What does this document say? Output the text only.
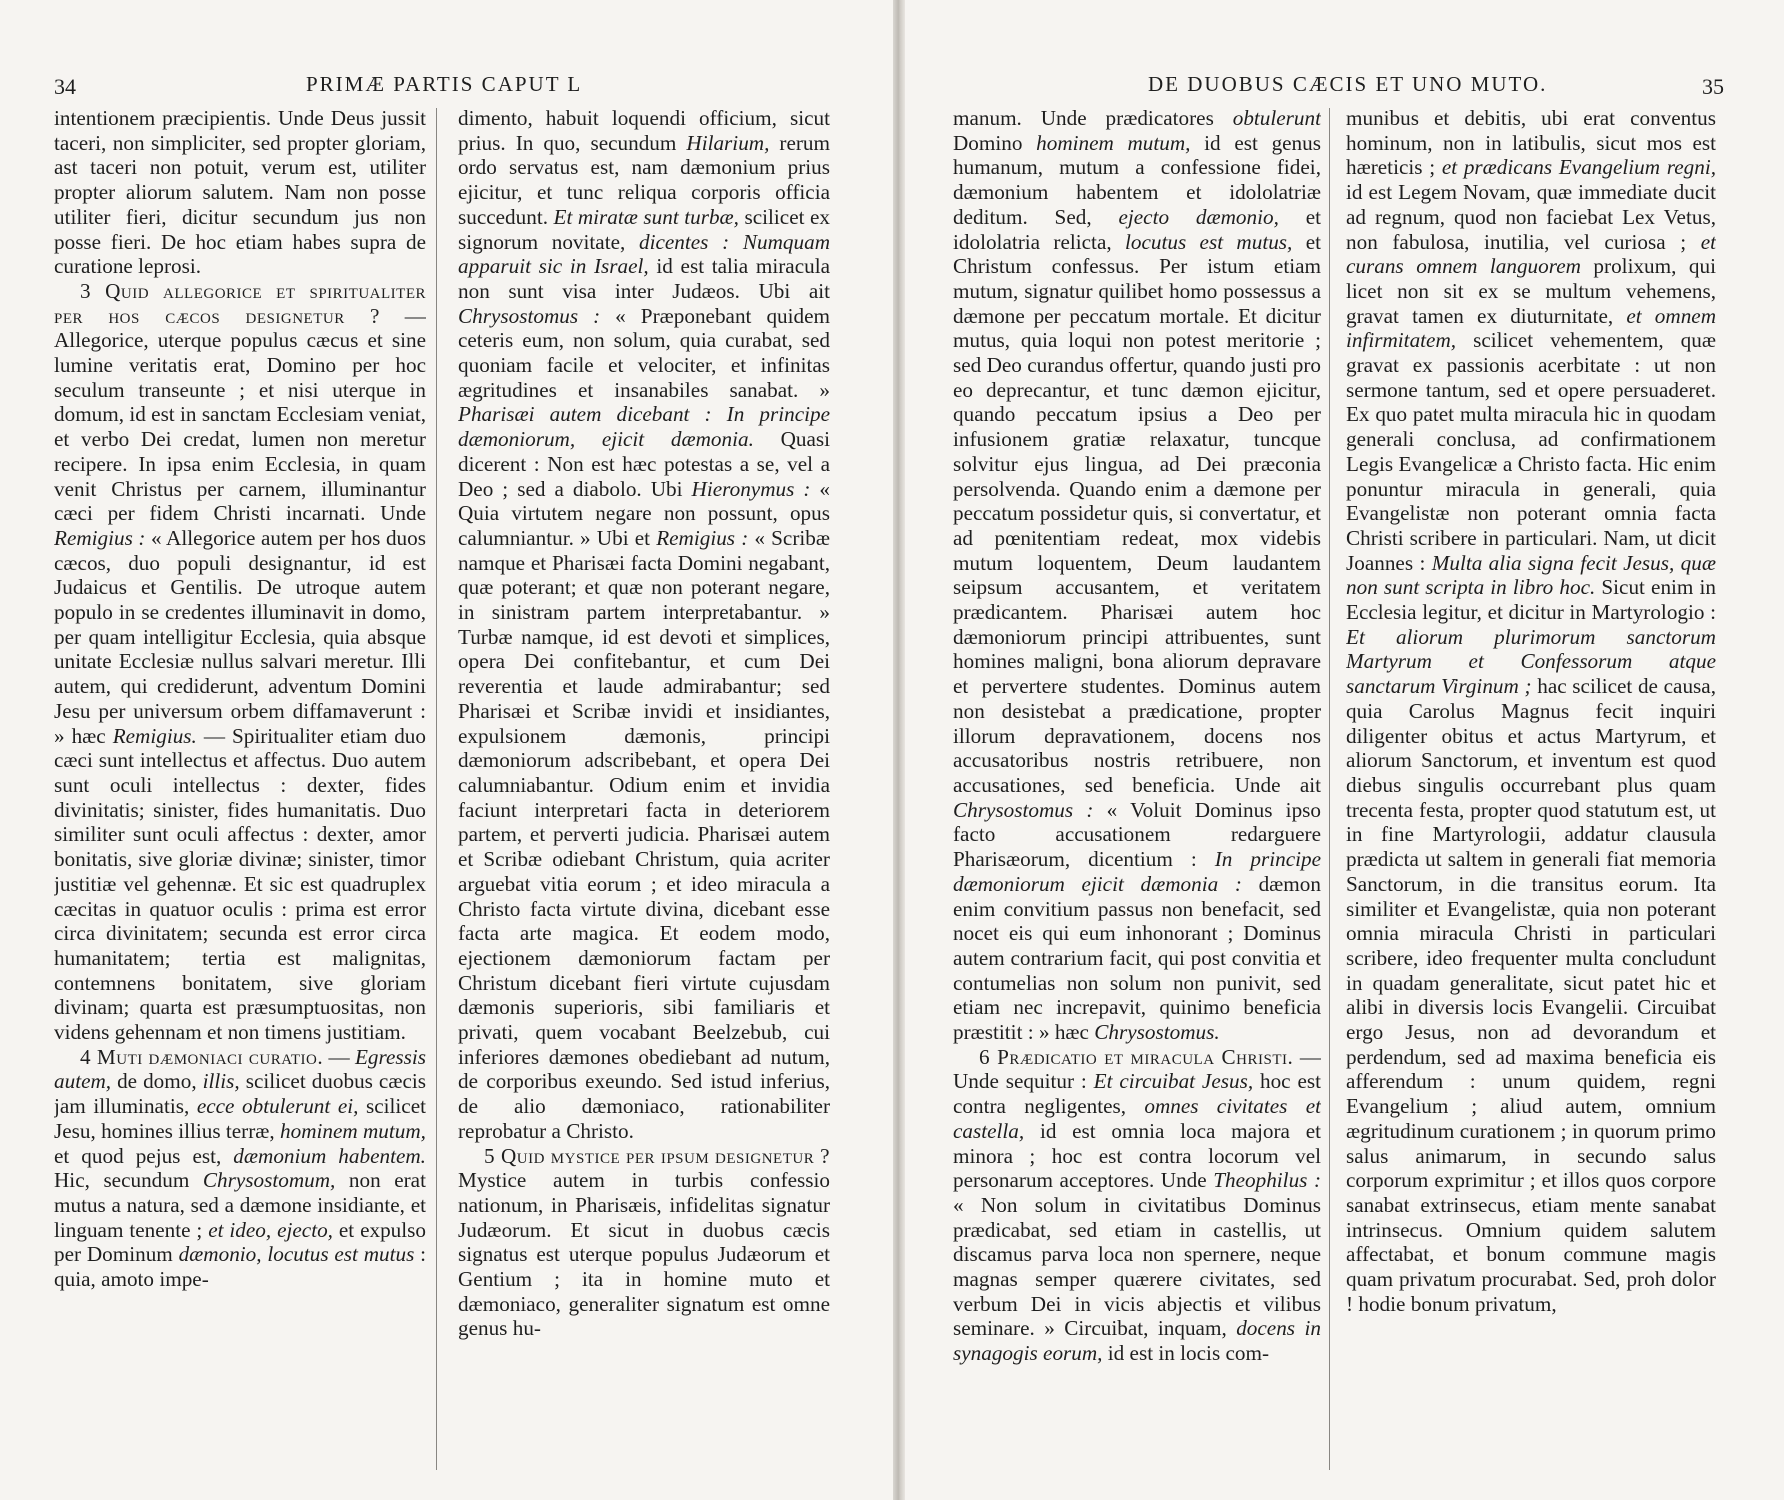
34	PRIMÆ PARTIS CAPUT L

intentionem præcipientis. Unde Deus jussit taceri, non simpliciter, sed propter gloriam, ast taceri non potuit, verum est, utiliter propter aliorum salutem. Nam non posse utiliter fieri, dicitur secundum jus non posse fieri. De hoc etiam habes supra de curatione leprosi.

3 Quid allegorice et spiritualiter per hos cæcos designetur ? — Allegorice, uterque populus cæcus et sine lumine veritatis erat, Domino per hoc seculum transeunte ; et nisi uterque in domum, id est in sanctam Ecclesiam veniat, et verbo Dei credat, lumen non meretur recipere. In ipsa enim Ecclesia, in quam venit Christus per carnem, illuminantur cæci per fidem Christi incarnati. Unde Remigius : « Allegorice autem per hos duos cæcos, duo populi designantur, id est Judaicus et Gentilis. De utroque autem populo in se credentes illuminavit in domo, per quam intelligitur Ecclesia, quia absque unitate Ecclesiæ nullus salvari meretur. Illi autem, qui crediderunt, adventum Domini Jesu per universum orbem diffamaverunt : » hæc Remigius. — Spiritualiter etiam duo cæci sunt intellectus et affectus. Duo autem sunt oculi intellectus : dexter, fides divinitatis; sinister, fides humanitatis. Duo similiter sunt oculi affectus : dexter, amor bonitatis, sive gloriæ divinæ; sinister, timor justitiæ vel gehennæ. Et sic est quadruplex cæcitas in quatuor oculis : prima est error circa divinitatem; secunda est error circa humanitatem; tertia est malignitas, contemnens bonitatem, sive gloriam divinam; quarta est præsumptuositas, non videns gehennam et non timens justitiam.

4 Muti dæmoniaci curatio. — Egressis autem, de domo, illis, scilicet duobus cæcis jam illuminatis, ecce obtulerunt ei, scilicet Jesu, homines illius terræ, hominem mutum, et quod pejus est, dæmonium habentem. Hic, secundum Chrysostomum, non erat mutus a natura, sed a dæmone insidiante, et linguam tenente ; et ideo, ejecto, et expulso per Dominum dæmonio, locutus est mutus : quia, amoto impe-

dimento, habuit loquendi officium, sicut prius. In quo, secundum Hilarium, rerum ordo servatus est, nam dæmonium prius ejicitur, et tunc reliqua corporis officia succedunt. Et miratæ sunt turbæ, scilicet ex signorum novitate, dicentes : Numquam apparuit sic in Israel, id est talia miracula non sunt visa inter Judæos. Ubi ait Chrysostomus : « Præponebant quidem ceteris eum, non solum, quia curabat, sed quoniam facile et velociter, et infinitas ægritudines et insanabiles sanabat. » Pharisæi autem dicebant : In principe dæmoniorum, ejicit dæmonia. Quasi dicerent : Non est hæc potestas a se, vel a Deo ; sed a diabolo. Ubi Hieronymus : « Quia virtutem negare non possunt, opus calumniantur. » Ubi et Remigius : « Scribæ namque et Pharisæi facta Domini negabant, quæ poterant; et quæ non poterant negare, in sinistram partem interpretabantur. » Turbæ namque, id est devoti et simplices, opera Dei confitebantur, et cum Dei reverentia et laude admirabantur; sed Pharisæi et Scribæ invidi et insidiantes, expulsionem dæmonis, principi dæmoniorum adscribebant, et opera Dei calumniabantur. Odium enim et invidia faciunt interpretari facta in deteriorem partem, et perverti judicia. Pharisæi autem et Scribæ odiebant Christum, quia acriter arguebat vitia eorum ; et ideo miracula a Christo facta virtute divina, dicebant esse facta arte magica. Et eodem modo, ejectionem dæmoniorum factam per Christum dicebant fieri virtute cujusdam dæmonis superioris, sibi familiaris et privati, quem vocabant Beelzebub, cui inferiores dæmones obediebant ad nutum, de corporibus exeundo. Sed istud inferius, de alio dæmoniaco, rationabiliter reprobatur a Christo.

5 Quid mystice per ipsum designetur ? Mystice autem in turbis confessio nationum, in Pharisæis, infidelitas signatur Judæorum. Et sicut in duobus cæcis signatus est uterque populus Judæorum et Gentium ; ita in homine muto et dæmoniaco, generaliter signatum est omne genus hu-

DE DUOBUS CÆCIS ET UNO MUTO.	35

manum. Unde prædicatores obtulerunt Domino hominem mutum, id est genus humanum, mutum a confessione fidei, dæmonium habentem et idololatriæ deditum. Sed, ejecto dæmonio, et idololatria relicta, locutus est mutus, et Christum confessus. Per istum etiam mutum, signatur quilibet homo possessus a dæmone per peccatum mortale. Et dicitur mutus, quia loqui non potest meritorie ; sed Deo curandus offertur, quando justi pro eo deprecantur, et tunc dæmon ejicitur, quando peccatum ipsius a Deo per infusionem gratiæ relaxatur, tuncque solvitur ejus lingua, ad Dei præconia persolvenda. Quando enim a dæmone per peccatum possidetur quis, si convertatur, et ad pœnitentiam redeat, mox videbis mutum loquentem, Deum laudantem seipsum accusantem, et veritatem prædicantem. Pharisæi autem hoc dæmoniorum principi attribuentes, sunt homines maligni, bona aliorum depravare et pervertere studentes. Dominus autem non desistebat a prædicatione, propter illorum depravationem, docens nos accusatoribus nostris retribuere, non accusationes, sed beneficia. Unde ait Chrysostomus : « Voluit Dominus ipso facto accusationem redarguere Pharisæorum, dicentium : In principe dæmoniorum ejicit dæmonia : dæmon enim convitium passus non benefacit, sed nocet eis qui eum inhonorant ; Dominus autem contrarium facit, qui post convitia et contumelias non solum non punivit, sed etiam nec increpavit, quinimo beneficia præstitit : » hæc Chrysostomus.

6 Prædicatio et miracula Christi. — Unde sequitur : Et circuibat Jesus, hoc est contra negligentes, omnes civitates et castella, id est omnia loca majora et minora ; hoc est contra locorum vel personarum acceptores. Unde Theophilus : « Non solum in civitatibus Dominus prædicabat, sed etiam in castellis, ut discamus parva loca non spernere, neque magnas semper quærere civitates, sed verbum Dei in vicis abjectis et vilibus seminare. » Circuibat, inquam, docens in synagogis eorum, id est in locis com-

munibus et debitis, ubi erat conventus hominum, non in latibulis, sicut mos est hæreticis ; et prædicans Evangelium regni, id est Legem Novam, quæ immediate ducit ad regnum, quod non faciebat Lex Vetus, non fabulosa, inutilia, vel curiosa ; et curans omnem languorem prolixum, qui licet non sit ex se multum vehemens, gravat tamen ex diuturnitate, et omnem infirmitatem, scilicet vehementem, quæ gravat ex passionis acerbitate : ut non sermone tantum, sed et opere persuaderet. Ex quo patet multa miracula hic in quodam generali conclusa, ad confirmationem Legis Evangelicæ a Christo facta. Hic enim ponuntur miracula in generali, quia Evangelistæ non poterant omnia facta Christi scribere in particulari. Nam, ut dicit Joannes : Multa alia signa fecit Jesus, quæ non sunt scripta in libro hoc. Sicut enim in Ecclesia legitur, et dicitur in Martyrologio : Et aliorum plurimorum sanctorum Martyrum et Confessorum atque sanctarum Virginum ; hac scilicet de causa, quia Carolus Magnus fecit inquiri diligenter obitus et actus Martyrum, et aliorum Sanctorum, et inventum est quod diebus singulis occurrebant plus quam trecenta festa, propter quod statutum est, ut in fine Martyrologii, addatur clausula prædicta ut saltem in generali fiat memoria Sanctorum, in die transitus eorum. Ita similiter et Evangelistæ, quia non poterant omnia miracula Christi in particulari scribere, ideo frequenter multa concludunt in quadam generalitate, sicut patet hic et alibi in diversis locis Evangelii. Circuibat ergo Jesus, non ad devorandum et perdendum, sed ad maxima beneficia eis afferendum : unum quidem, regni Evangelium ; aliud autem, omnium ægritudinum curationem ; in quorum primo salus animarum, in secundo salus corporum exprimitur ; et illos quos corpore sanabat extrinsecus, etiam mente sanabat intrinsecus. Omnium quidem salutem affectabat, et bonum commune magis quam privatum procurabat. Sed, proh dolor ! hodie bonum privatum,
